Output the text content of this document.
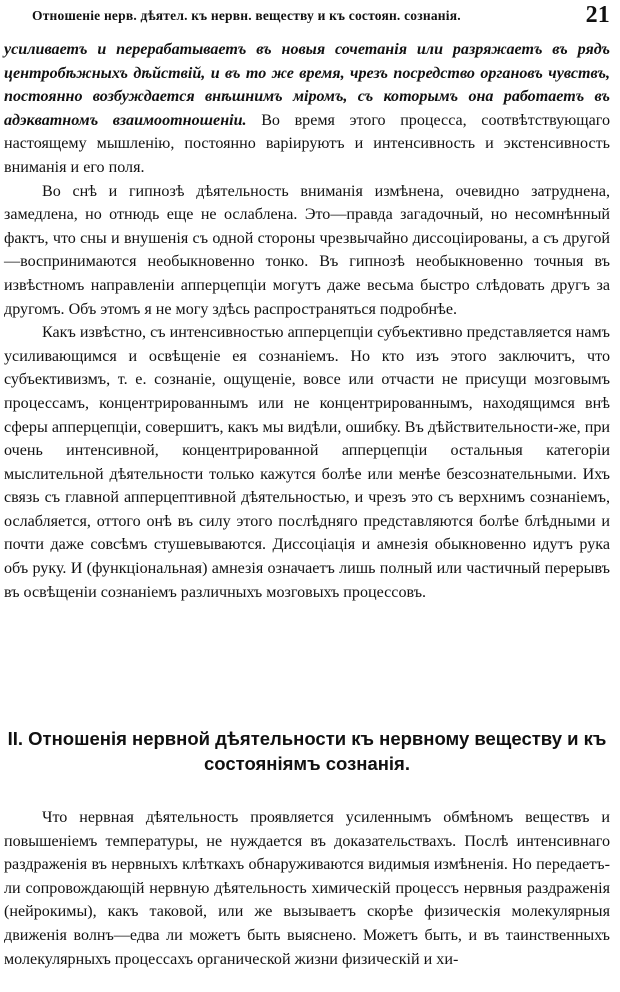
Отношеніе нерв. дѣятел. къ нервн. веществу и къ состоян. сознанія.	21

усиливаетъ и перерабатываетъ въ новыя сочетанія или разряжаетъ въ рядъ центробѣжныхъ дѣйствій, и въ то же время, чрезъ посредство органовъ чувствъ, постоянно возбуждается внѣшнимъ міромъ, съ которымъ она работаетъ въ адэкватномъ взаимоотношеніи. Во время этого процесса, соотвѣтствующаго настоящему мышленію, постоянно варіируютъ и интенсивность и экстенсивность вниманія и его поля.

Во снѣ и гипнозѣ дѣятельность вниманія измѣнена, очевидно затруднена, замедлена, но отнюдь еще не ослаблена. Это—правда загадочный, но несомнѣнный фактъ, что сны и внушенія съ одной стороны чрезвычайно диссоціированы, а съ другой —воспринимаются необыкновенно тонко. Въ гипнозѣ необыкновенно точныя въ извѣстномъ направленіи апперцепціи могутъ даже весьма быстро слѣдовать другъ за другомъ. Объ этомъ я не могу здѣсь распространяться подробнѣе.

Какъ извѣстно, съ интенсивностью апперцепціи субъективно представляется намъ усиливающимся и освѣщеніе ея сознаніемъ. Но кто изъ этого заключитъ, что субъективизмъ, т. е. сознаніе, ощущеніе, вовсе или отчасти не присущи мозговымъ процессамъ, концентрированнымъ или не концентрированнымъ, находящимся внѣ сферы апперцепціи, совершитъ, какъ мы видѣли, ошибку. Въ дѣйствительности-же, при очень интенсивной, концентрированной апперцепціи остальныя категоріи мыслительной дѣятельности только кажутся болѣе или менѣе безсознательными. Ихъ связь съ главной апперцептивной дѣятельностью, и чрезъ это съ верхнимъ сознаніемъ, ослабляется, оттого онѣ въ силу этого послѣдняго представляются болѣе блѣдными и почти даже совсѣмъ стушевываются. Диссоціація и амнезія обыкновенно идутъ рука объ руку. И (функціональная) амнезія означаетъ лишь полный или частичный перерывъ въ освѣщеніи сознаніемъ различныхъ мозговыхъ процессовъ.

II. Отношенія нервной дѣятельности къ нервному веществу и къ состояніямъ сознанія.

Что нервная дѣятельность проявляется усиленнымъ обмѣномъ веществъ и повышеніемъ температуры, не нуждается въ доказательствахъ. Послѣ интенсивнаго раздраженія въ нервныхъ клѣткахъ обнаруживаются видимыя измѣненія. Но передаетъ-ли сопровождающій нервную дѣятельность химическій процессъ нервныя раздраженія (нейрокимы), какъ таковой, или же вызываетъ скорѣе физическія молекулярныя движенія волнъ—едва ли можетъ быть выяснено. Можетъ быть, и въ таинственныхъ молекулярныхъ процессахъ органической жизни физическій и хи-
